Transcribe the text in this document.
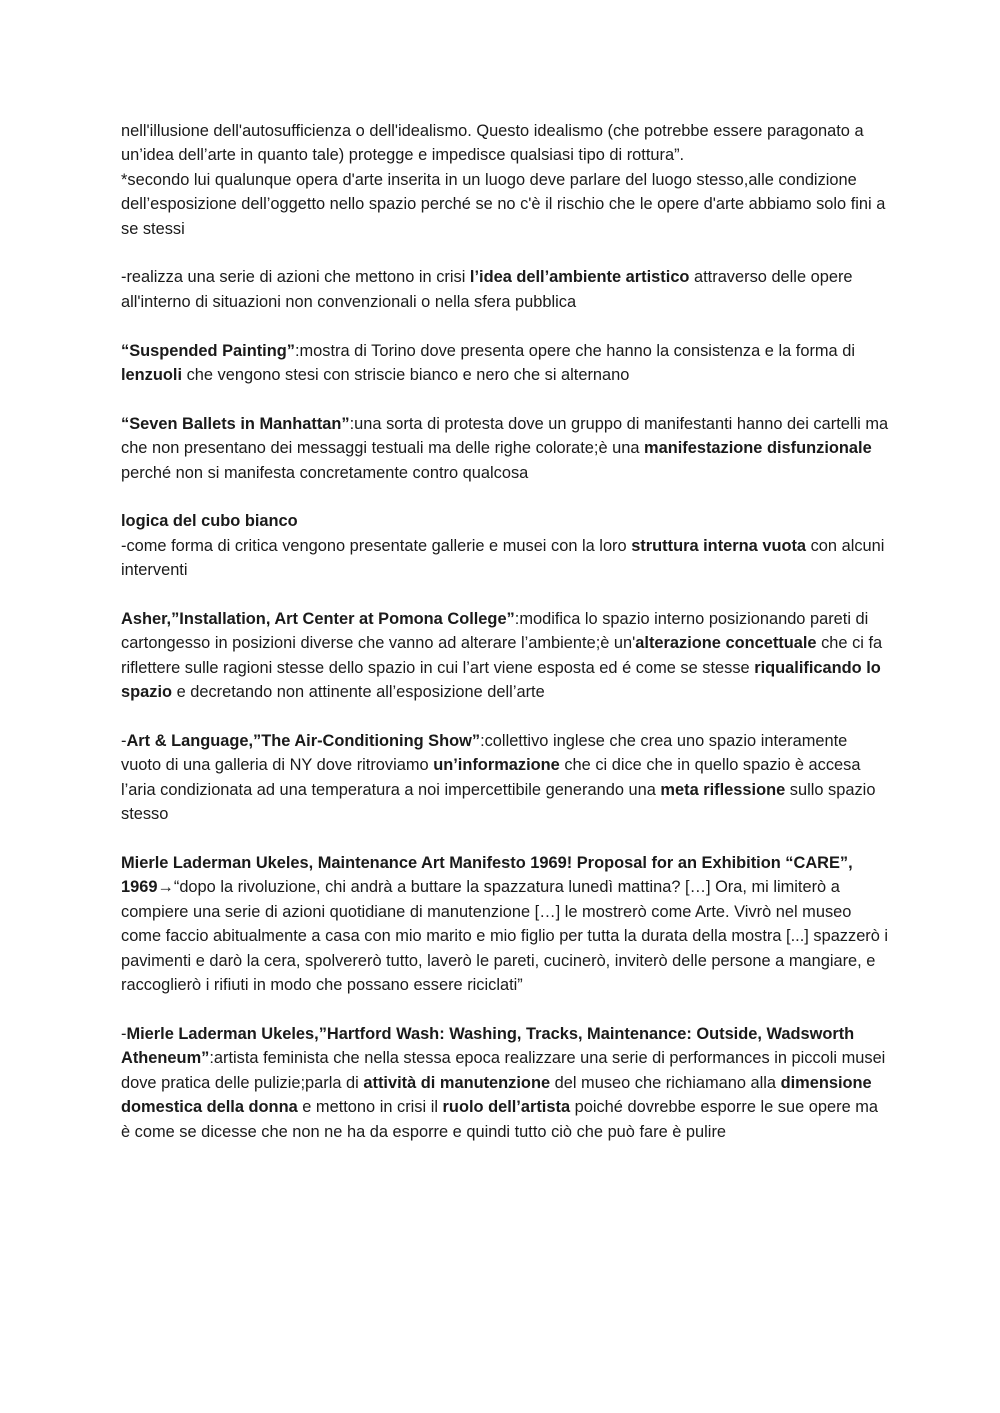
nell'illusione dell'autosufficienza o dell'idealismo. Questo idealismo (che potrebbe essere paragonato a un’idea dell’arte in quanto tale) protegge e impedisce qualsiasi tipo di rottura”.
*secondo lui qualunque opera d'arte inserita in un luogo deve parlare del luogo stesso,alle condizione dell’esposizione dell’oggetto nello spazio perché se no c'è il rischio che le opere d'arte abbiamo solo fini a se stessi

-realizza una serie di azioni che mettono in crisi l’idea dell’ambiente artistico attraverso delle opere all'interno di situazioni non convenzionali o nella sfera pubblica

“Suspended Painting”:mostra di Torino dove presenta opere che hanno la consistenza e la forma di lenzuoli che vengono stesi con striscie bianco e nero che si alternano

“Seven Ballets in Manhattan”:una sorta di protesta dove un gruppo di manifestanti hanno dei cartelli ma che non presentano dei messaggi testuali ma delle righe colorate;è una manifestazione disfunzionale perché non si manifesta concretamente contro qualcosa

logica del cubo bianco
-come forma di critica vengono presentate gallerie e musei con la loro struttura interna vuota con alcuni interventi

Asher,”Installation, Art Center at Pomona College”:modifica lo spazio interno posizionando pareti di cartongesso in posizioni diverse che vanno ad alterare l’ambiente;è un'alterazione concettuale che ci fa riflettere sulle ragioni stesse dello spazio in cui l’art viene esposta ed é come se stesse riqualificando lo spazio e decretando non attinente all’esposizione dell’arte

-Art & Language,”The Air-Conditioning Show”:collettivo inglese che crea uno spazio interamente vuoto di una galleria di NY dove ritroviamo un’informazione che ci dice che in quello spazio è accesa l’aria condizionata ad una temperatura a noi impercettibile generando una meta riflessione sullo spazio stesso

Mierle Laderman Ukeles, Maintenance Art Manifesto 1969! Proposal for an Exhibition “CARE”, 1969→“dopo la rivoluzione, chi andrà a buttare la spazzatura lunedì mattina? […] Ora, mi limiterò a compiere una serie di azioni quotidiane di manutenzione […] le mostrerò come Arte. Vivrò nel museo come faccio abitualmente a casa con mio marito e mio figlio per tutta la durata della mostra [...] spazzerò i pavimenti e darò la cera, spolvererò tutto, laverò le pareti, cucinerò, inviterò delle persone a mangiare, e raccoglierò i rifiuti in modo che possano essere riciclati”

-Mierle Laderman Ukeles,”Hartford Wash: Washing, Tracks, Maintenance: Outside, Wadsworth Atheneum”:artista feminista che nella stessa epoca realizzare una serie di performances in piccoli musei dove pratica delle pulizie;parla di attività di manutenzione del museo che richiamano alla dimensione domestica della donna e mettono in crisi il ruolo dell’artista poiché dovrebbe esporre le sue opere ma è come se dicesse che non ne ha da esporre e quindi tutto ciò che può fare è pulire
